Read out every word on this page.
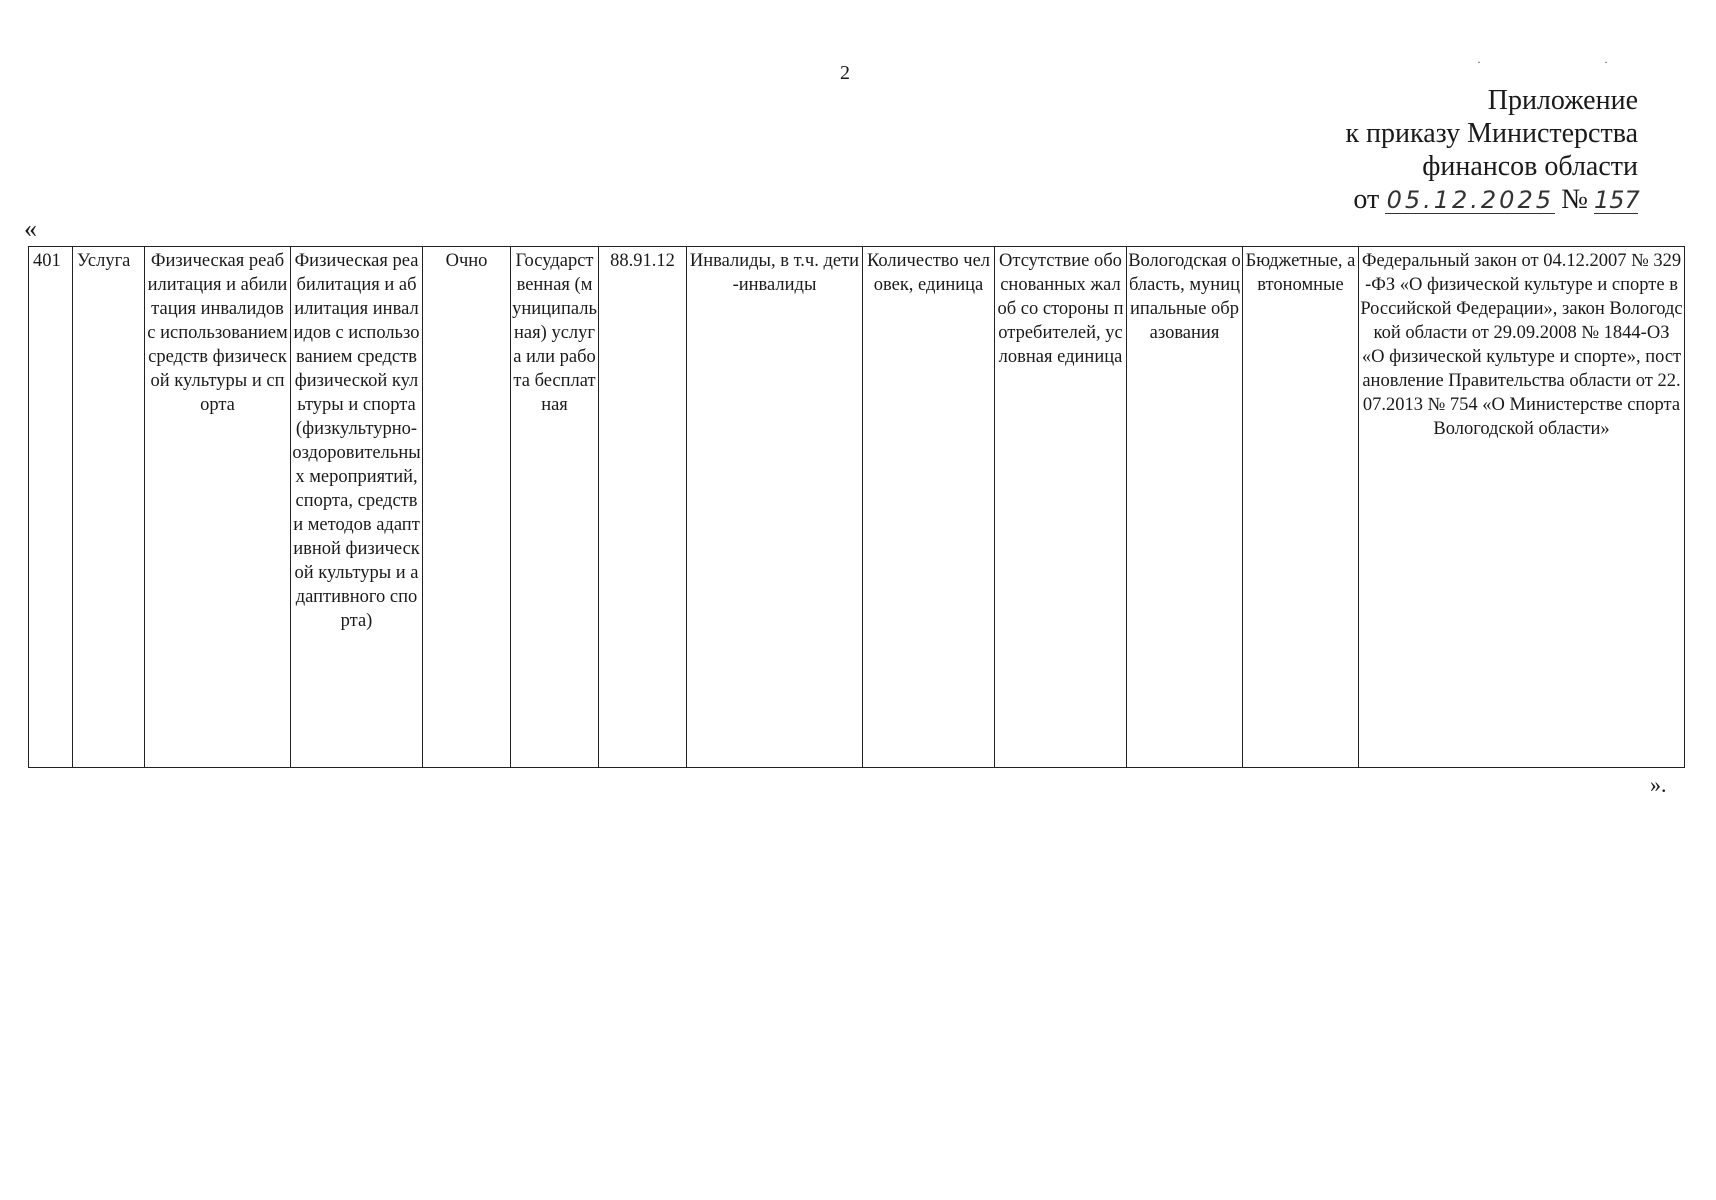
2	· ·
Приложение
к приказу Министерства
финансов области
от 05.12.2025 № 157
«
401	Услуга	Физическая реабилитация и абилитация инвалидов с использованием средств физической культуры и спорта	Физическая реабилитация и абилитация инвалидов с использованием средств физической культуры и спорта (физкультурно-оздоровительных мероприятий, спорта, средств и методов адаптивной физической культуры и адаптивного спорта)	Очно	Государственная (муниципальная) услуга или работа бесплатная	88.91.12	Инвалиды, в т.ч. дети-инвалиды	Количество человек, единица	Отсутствие обоснованных жалоб со стороны потребителей, условная единица	Вологодская область, муниципальные образования	Бюджетные, автономные	Федеральный закон от 04.12.2007 № 329-ФЗ «О физической культуре и спорте в Российской Федерации», закон Вологодской области от 29.09.2008 № 1844-ОЗ «О физической культуре и спорте», постановление Правительства области от 22.07.2013 № 754 «О Министерстве спорта Вологодской области»
».
